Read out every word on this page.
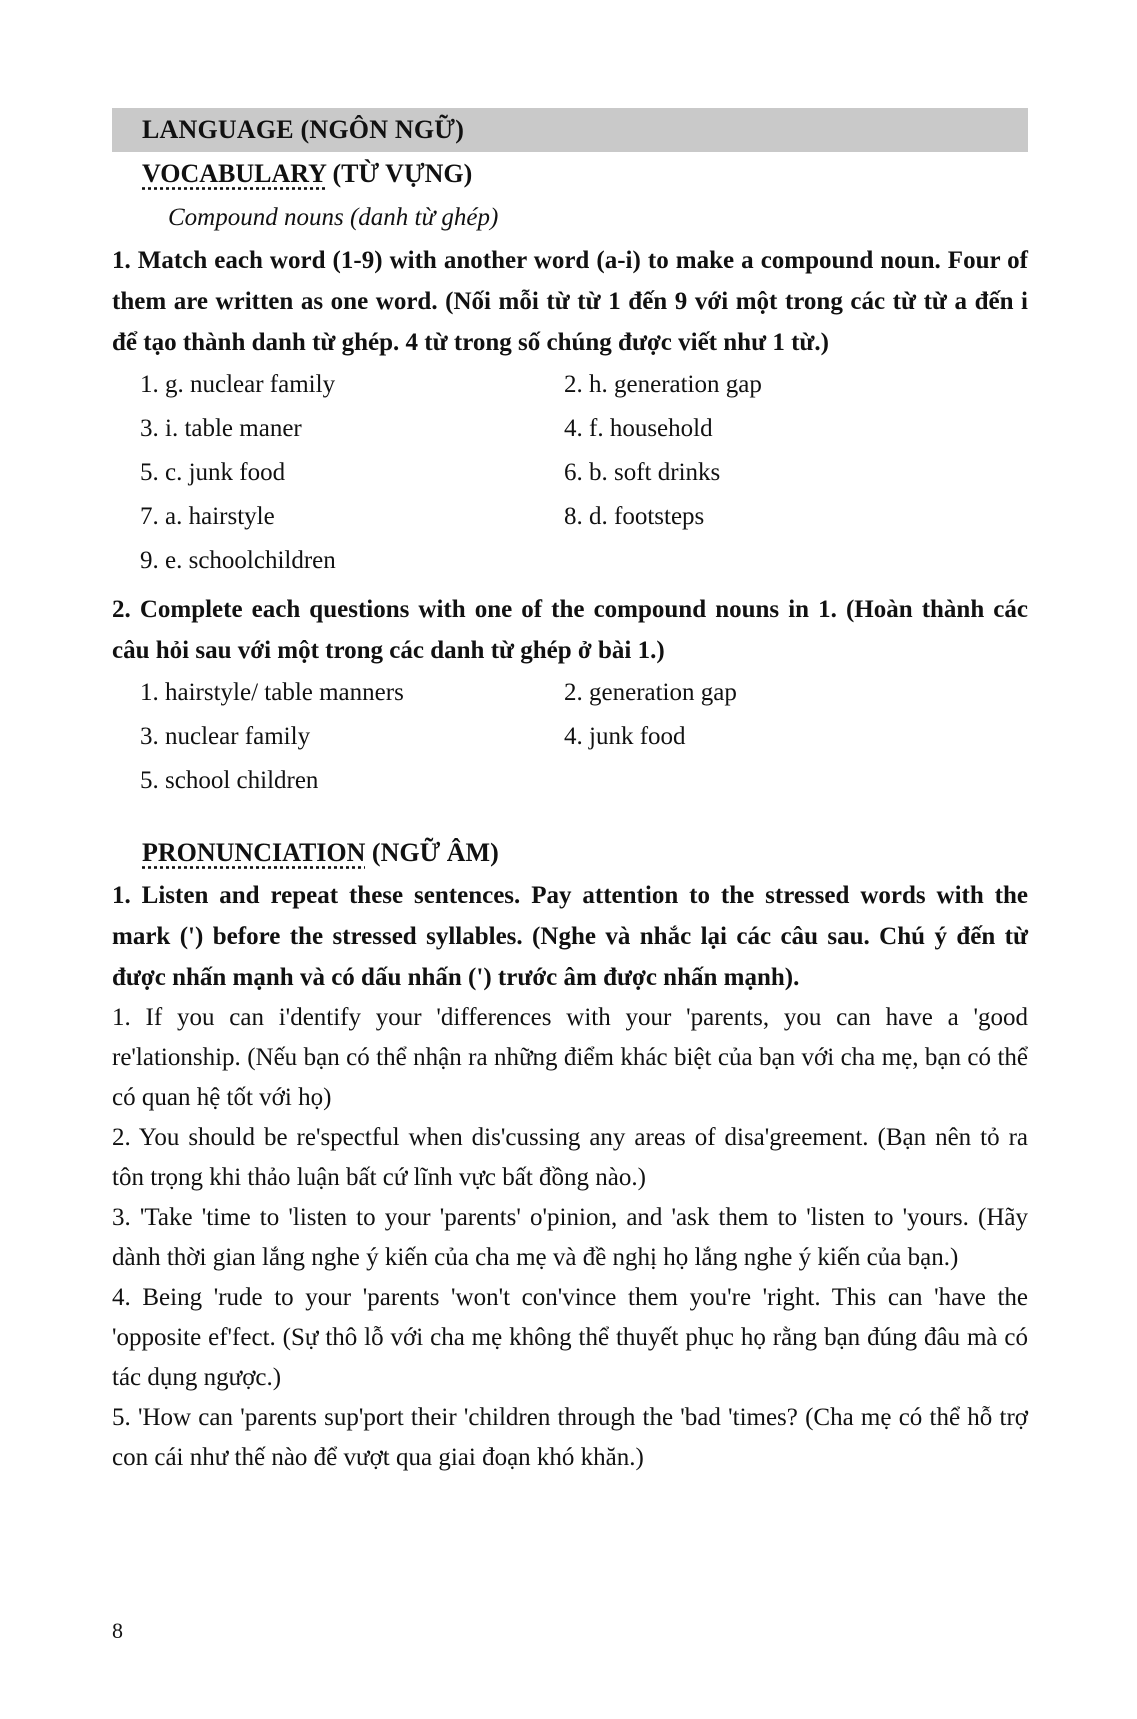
LANGUAGE (NGÔN NGỮ)
VOCABULARY (TỪ VỰNG)
Compound nouns (danh từ ghép)

1. Match each word (1-9) with another word (a-i) to make a compound noun. Four of them are written as one word. (Nối mỗi từ từ 1 đến 9 với một trong các từ từ a đến i để tạo thành danh từ ghép. 4 từ trong số chúng được viết như 1 từ.)

1. g. nuclear family	2. h. generation gap
3. i. table maner	4. f. household
5. c. junk food	6. b. soft drinks
7. a. hairstyle	8. d. footsteps
9. e. schoolchildren

2. Complete each questions with one of the compound nouns in 1. (Hoàn thành các câu hỏi sau với một trong các danh từ ghép ở bài 1.)

1. hairstyle/ table manners	2. generation gap
3. nuclear family	4. junk food
5. school children
PRONUNCIATION (NGỮ ÂM)

1. Listen and repeat these sentences. Pay attention to the stressed words with the mark (') before the stressed syllables. (Nghe và nhắc lại các câu sau. Chú ý đến từ được nhấn mạnh và có dấu nhấn (') trước âm được nhấn mạnh).

1. If you can i'dentify your 'differences with your 'parents, you can have a 'good re'lationship. (Nếu bạn có thể nhận ra những điểm khác biệt của bạn với cha mẹ, bạn có thể có quan hệ tốt với họ)

2. You should be re'spectful when dis'cussing any areas of disa'greement. (Bạn nên tỏ ra tôn trọng khi thảo luận bất cứ lĩnh vực bất đồng nào.)

3. 'Take 'time to 'listen to your 'parents' o'pinion, and 'ask them to 'listen to 'yours. (Hãy dành thời gian lắng nghe ý kiến của cha mẹ và đề nghị họ lắng nghe ý kiến của bạn.)

4. Being 'rude to your 'parents 'won't con'vince them you're 'right. This can 'have the 'opposite ef'fect. (Sự thô lỗ với cha mẹ không thể thuyết phục họ rằng bạn đúng đâu mà có tác dụng ngược.)

5. 'How can 'parents sup'port their 'children through the 'bad 'times? (Cha mẹ có thể hỗ trợ con cái như thế nào để vượt qua giai đoạn khó khăn.)

8
